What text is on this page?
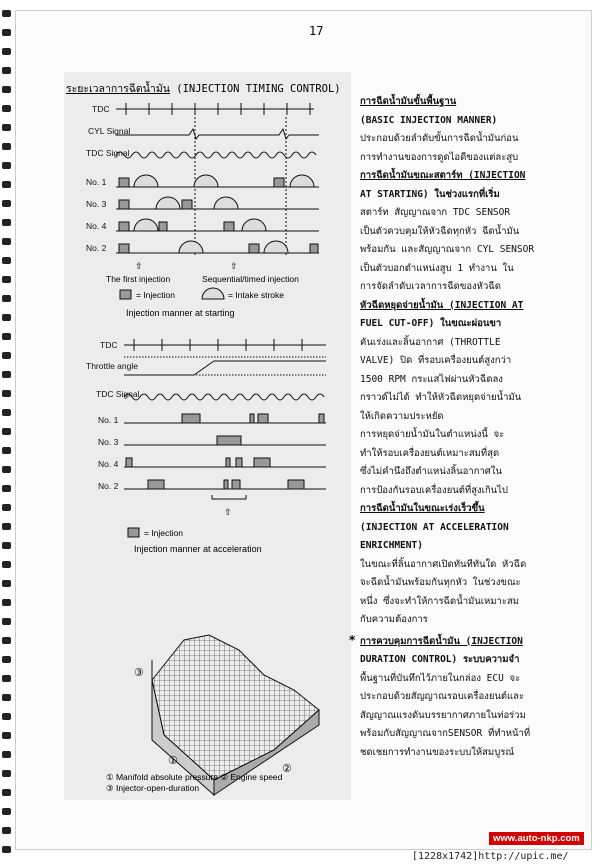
17
ระยะเวลาการฉีดน้ำมัน (INJECTION TIMING CONTROL)
TDC
CYL Signal
TDC Signal
No. 1
No. 3
No. 4
No. 2
⇧	⇧
The first injection	Sequential/timed injection
= Injection	= Intake stroke
Injection manner at starting
TDC
Throttle angle
TDC Signal
No. 1
No. 3
No. 4
No. 2
⇧
= Injection
Injection manner at acceleration
③
①
②
① Manifold absolute pressure ② Engine speed
③ Injector-open-duration

การฉีดน้ำมันขั้นพื้นฐาน

(BASIC INJECTION MANNER)

ประกอบด้วยลำดับขั้นการฉีดน้ำมันก่อน

การทำงานของการดูดไอดีของแต่ละสูบ

การฉีดน้ำมันขณะสตาร์ท (INJECTION

AT STARTING) ในช่วงแรกที่เริ่ม

สตาร์ท สัญญาณจาก TDC SENSOR

เป็นตัวควบคุมให้หัวฉีดทุกหัว ฉีดน้ำมัน

พร้อมกัน และสัญญาณจาก CYL SENSOR

เป็นตัวบอกตำแหน่งสูบ 1 ทำงาน ใน

การจัดลำดับเวลาการฉีดของหัวฉีด

หัวฉีดหยุดจ่ายน้ำมัน (INJECTION AT

FUEL CUT-OFF) ในขณะผ่อนขา

คันเร่งและลิ้นอากาศ (THROTTLE

VALVE) ปิด ที่รอบเครื่องยนต์สูงกว่า

1500 RPM กระแสไฟผ่านหัวฉีดลง

กราวด์ไม่ได้ ทำให้หัวฉีดหยุดจ่ายน้ำมัน

ให้เกิดความประหยัด

การหยุดจ่ายน้ำมันในตำแหน่งนี้ จะ

ทำให้รอบเครื่องยนต์เหมาะสมที่สุด

ซึ่งไม่คำนึงถึงตำแหน่งลิ้นอากาศใน

การป้องกันรอบเครื่องยนต์ที่สูงเกินไป

การฉีดน้ำมันในขณะเร่งเร็วขึ้น

(INJECTION AT ACCELERATION

ENRICHMENT)

ในขณะที่ลิ้นอากาศเปิดทันทีทันใด หัวฉีด

จะฉีดน้ำมันพร้อมกันทุกหัว ในช่วงขณะ

หนึ่ง ซึ่งจะทำให้การฉีดน้ำมันเหมาะสม

กับความต้องการ

การควบคุมการฉีดน้ำมัน (INJECTION

DURATION CONTROL) ระบบความจำ

พื้นฐานที่บันทึกไว้ภายในกล่อง ECU จะ

ประกอบด้วยสัญญาณรอบเครื่องยนต์และ

สัญญาณแรงดันบรรยากาศภายในท่อร่วม

พร้อมกับสัญญาณจากSENSOR ที่ทำหน้าที่

ชดเชยการทำงานของระบบให้สมบูรณ์

*
www.auto-nkp.com
[1228x1742]http://upic.me/
